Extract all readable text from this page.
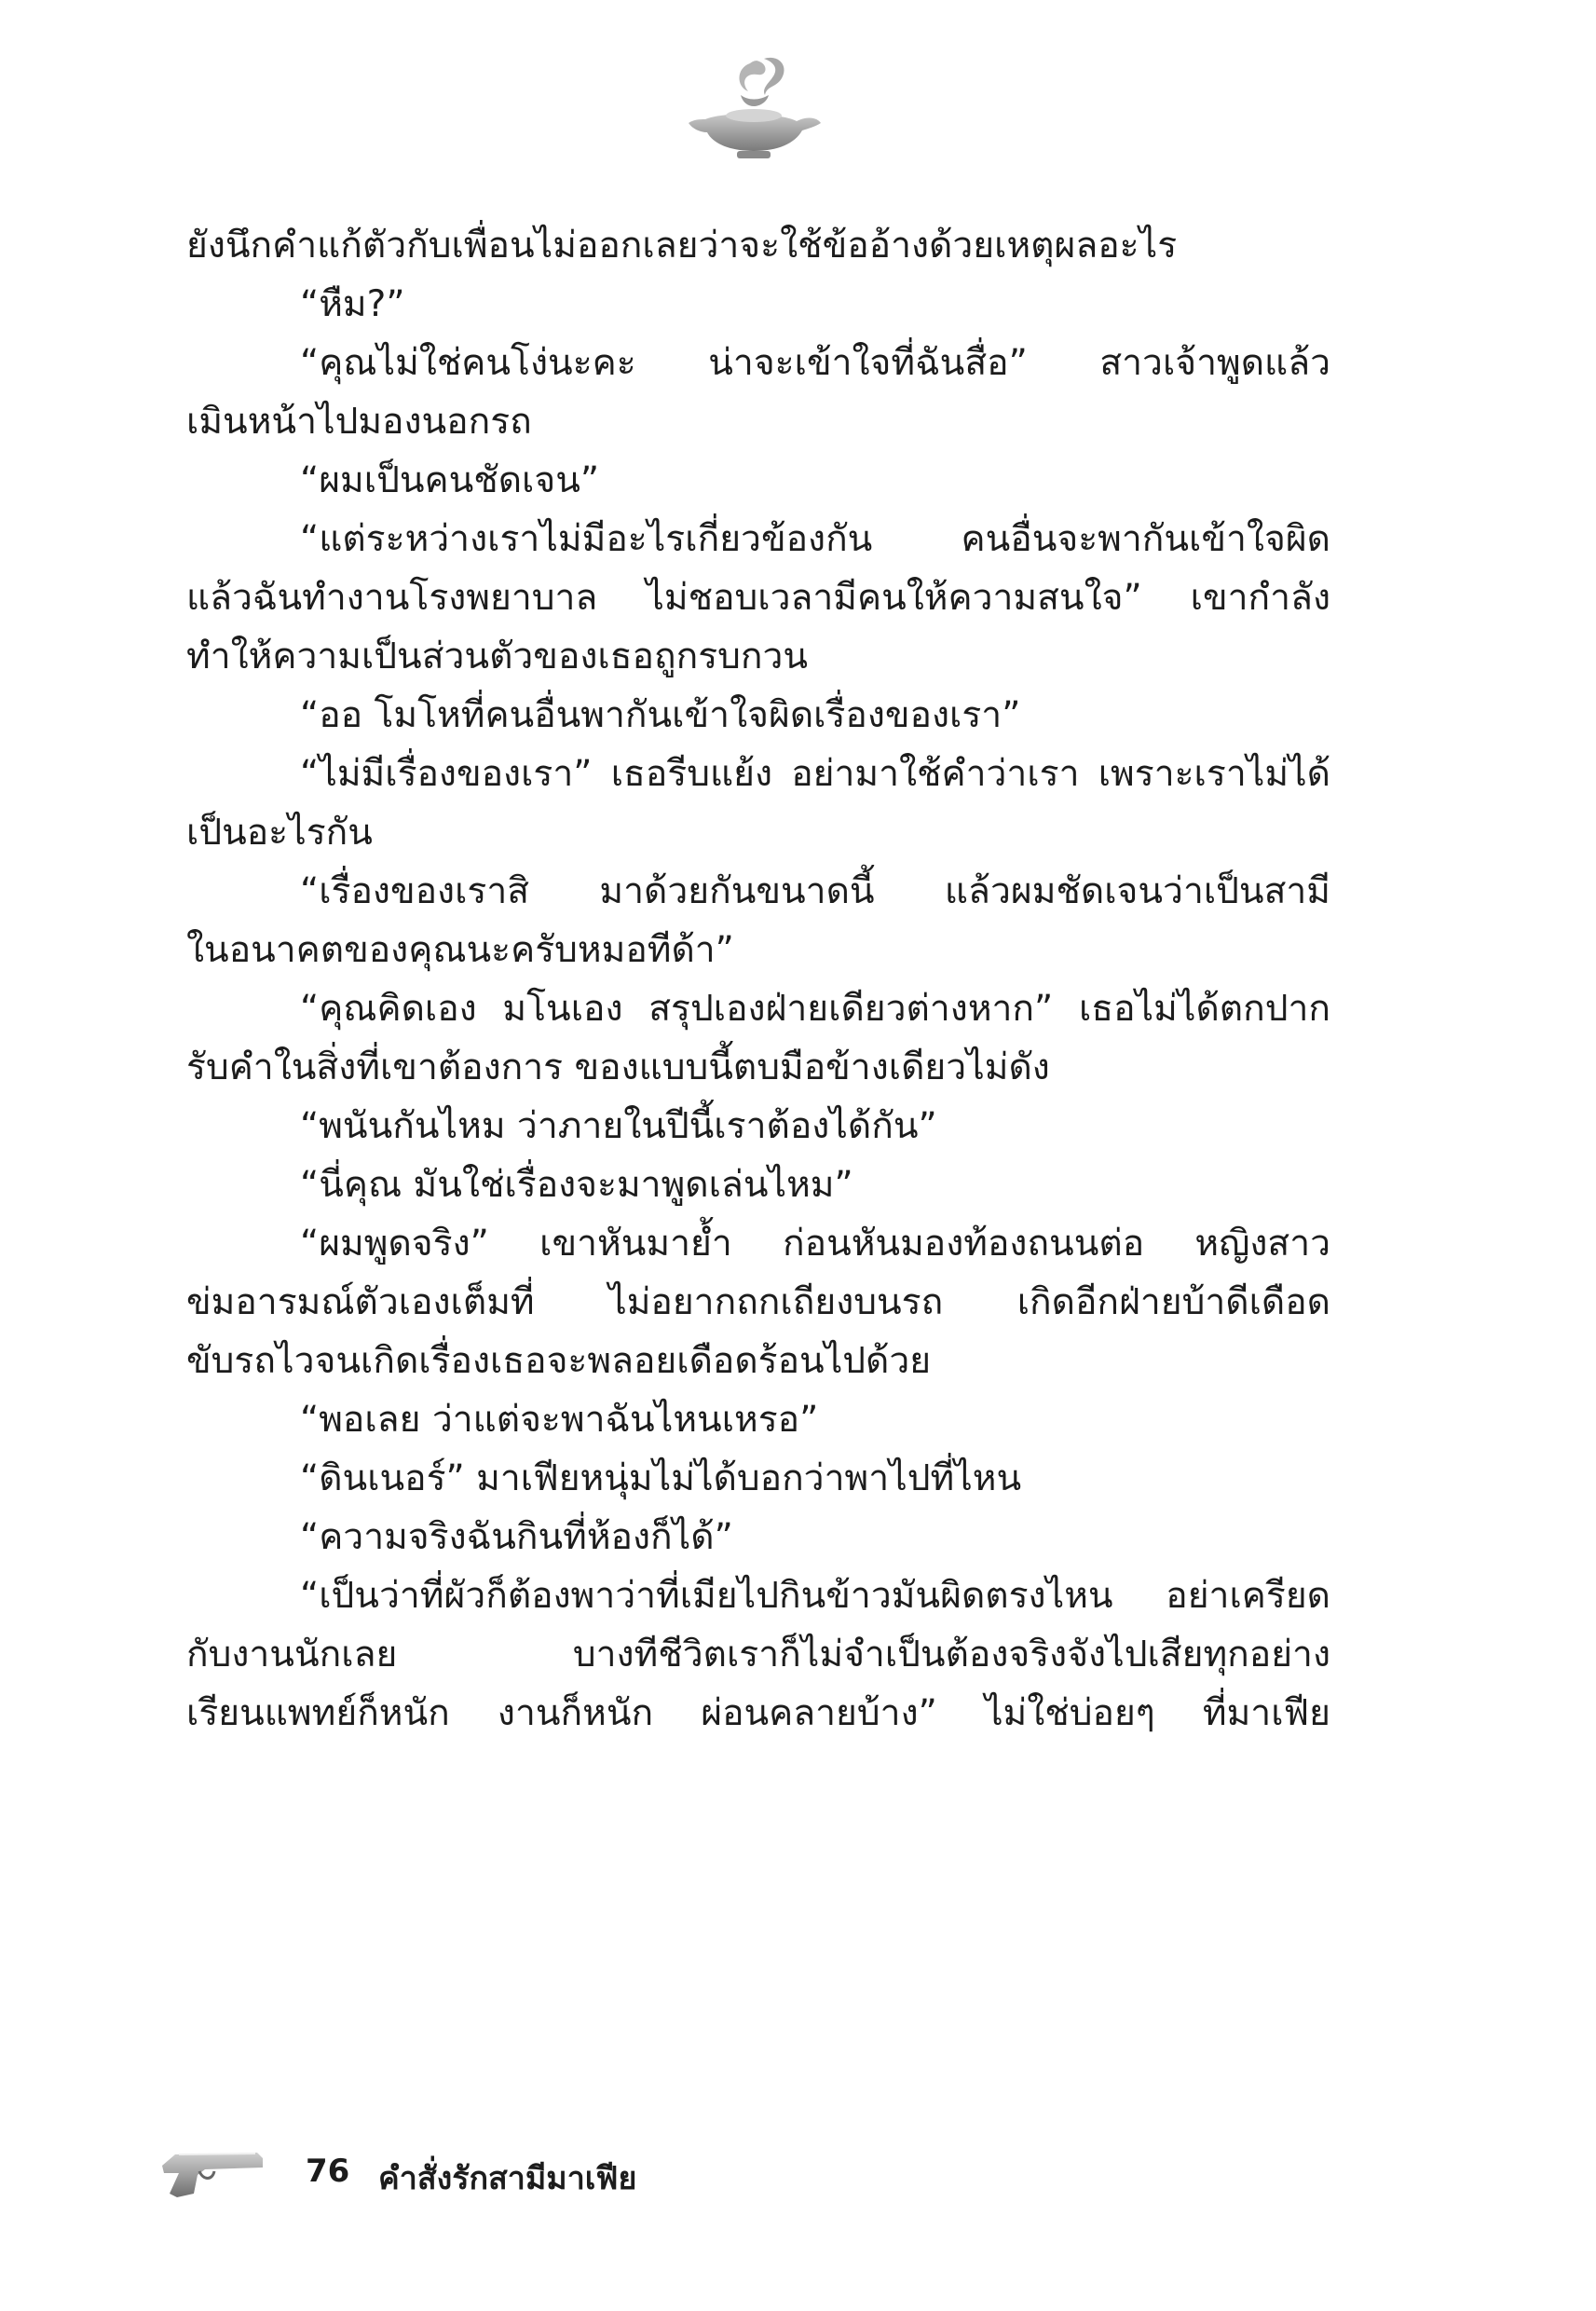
ยังนึกคำแก้ตัวกับเพื่อนไม่ออกเลยว่าจะใช้ข้ออ้างด้วยเหตุผลอะไร
“หืม?”
“คุณไม่ใช่คนโง่นะคะ น่าจะเข้าใจที่ฉันสื่อ” สาวเจ้าพูดแล้ว
เมินหน้าไปมองนอกรถ
“ผมเป็นคนชัดเจน”
“แต่ระหว่างเราไม่มีอะไรเกี่ยวข้องกัน คนอื่นจะพากันเข้าใจผิด
แล้วฉันทำงานโรงพยาบาล ไม่ชอบเวลามีคนให้ความสนใจ” เขากำลัง
ทำให้ความเป็นส่วนตัวของเธอถูกรบกวน
“ออ โมโหที่คนอื่นพากันเข้าใจผิดเรื่องของเรา”
“ไม่มีเรื่องของเรา” เธอรีบแย้ง อย่ามาใช้คำว่าเรา เพราะเราไม่ได้
เป็นอะไรกัน
“เรื่องของเราสิ มาด้วยกันขนาดนี้ แล้วผมชัดเจนว่าเป็นสามี
ในอนาคตของคุณนะครับหมอทีด้า”
“คุณคิดเอง มโนเอง สรุปเองฝ่ายเดียวต่างหาก” เธอไม่ได้ตกปาก
รับคำในสิ่งที่เขาต้องการ ของแบบนี้ตบมือข้างเดียวไม่ดัง
“พนันกันไหม ว่าภายในปีนี้เราต้องได้กัน”
“นี่คุณ มันใช่เรื่องจะมาพูดเล่นไหม”
“ผมพูดจริง” เขาหันมาย้ำ ก่อนหันมองท้องถนนต่อ หญิงสาว
ข่มอารมณ์ตัวเองเต็มที่ ไม่อยากถกเถียงบนรถ เกิดอีกฝ่ายบ้าดีเดือด
ขับรถไวจนเกิดเรื่องเธอจะพลอยเดือดร้อนไปด้วย
“พอเลย ว่าแต่จะพาฉันไหนเหรอ”
“ดินเนอร์” มาเฟียหนุ่มไม่ได้บอกว่าพาไปที่ไหน
“ความจริงฉันกินที่ห้องก็ได้”
“เป็นว่าที่ผัวก็ต้องพาว่าที่เมียไปกินข้าวมันผิดตรงไหน อย่าเครียด
กับงานนักเลย บางทีชีวิตเราก็ไม่จำเป็นต้องจริงจังไปเสียทุกอย่าง
เรียนแพทย์ก็หนัก งานก็หนัก ผ่อนคลายบ้าง” ไม่ใช่บ่อยๆ ที่มาเฟีย
76 คำสั่งรักสามีมาเฟีย
